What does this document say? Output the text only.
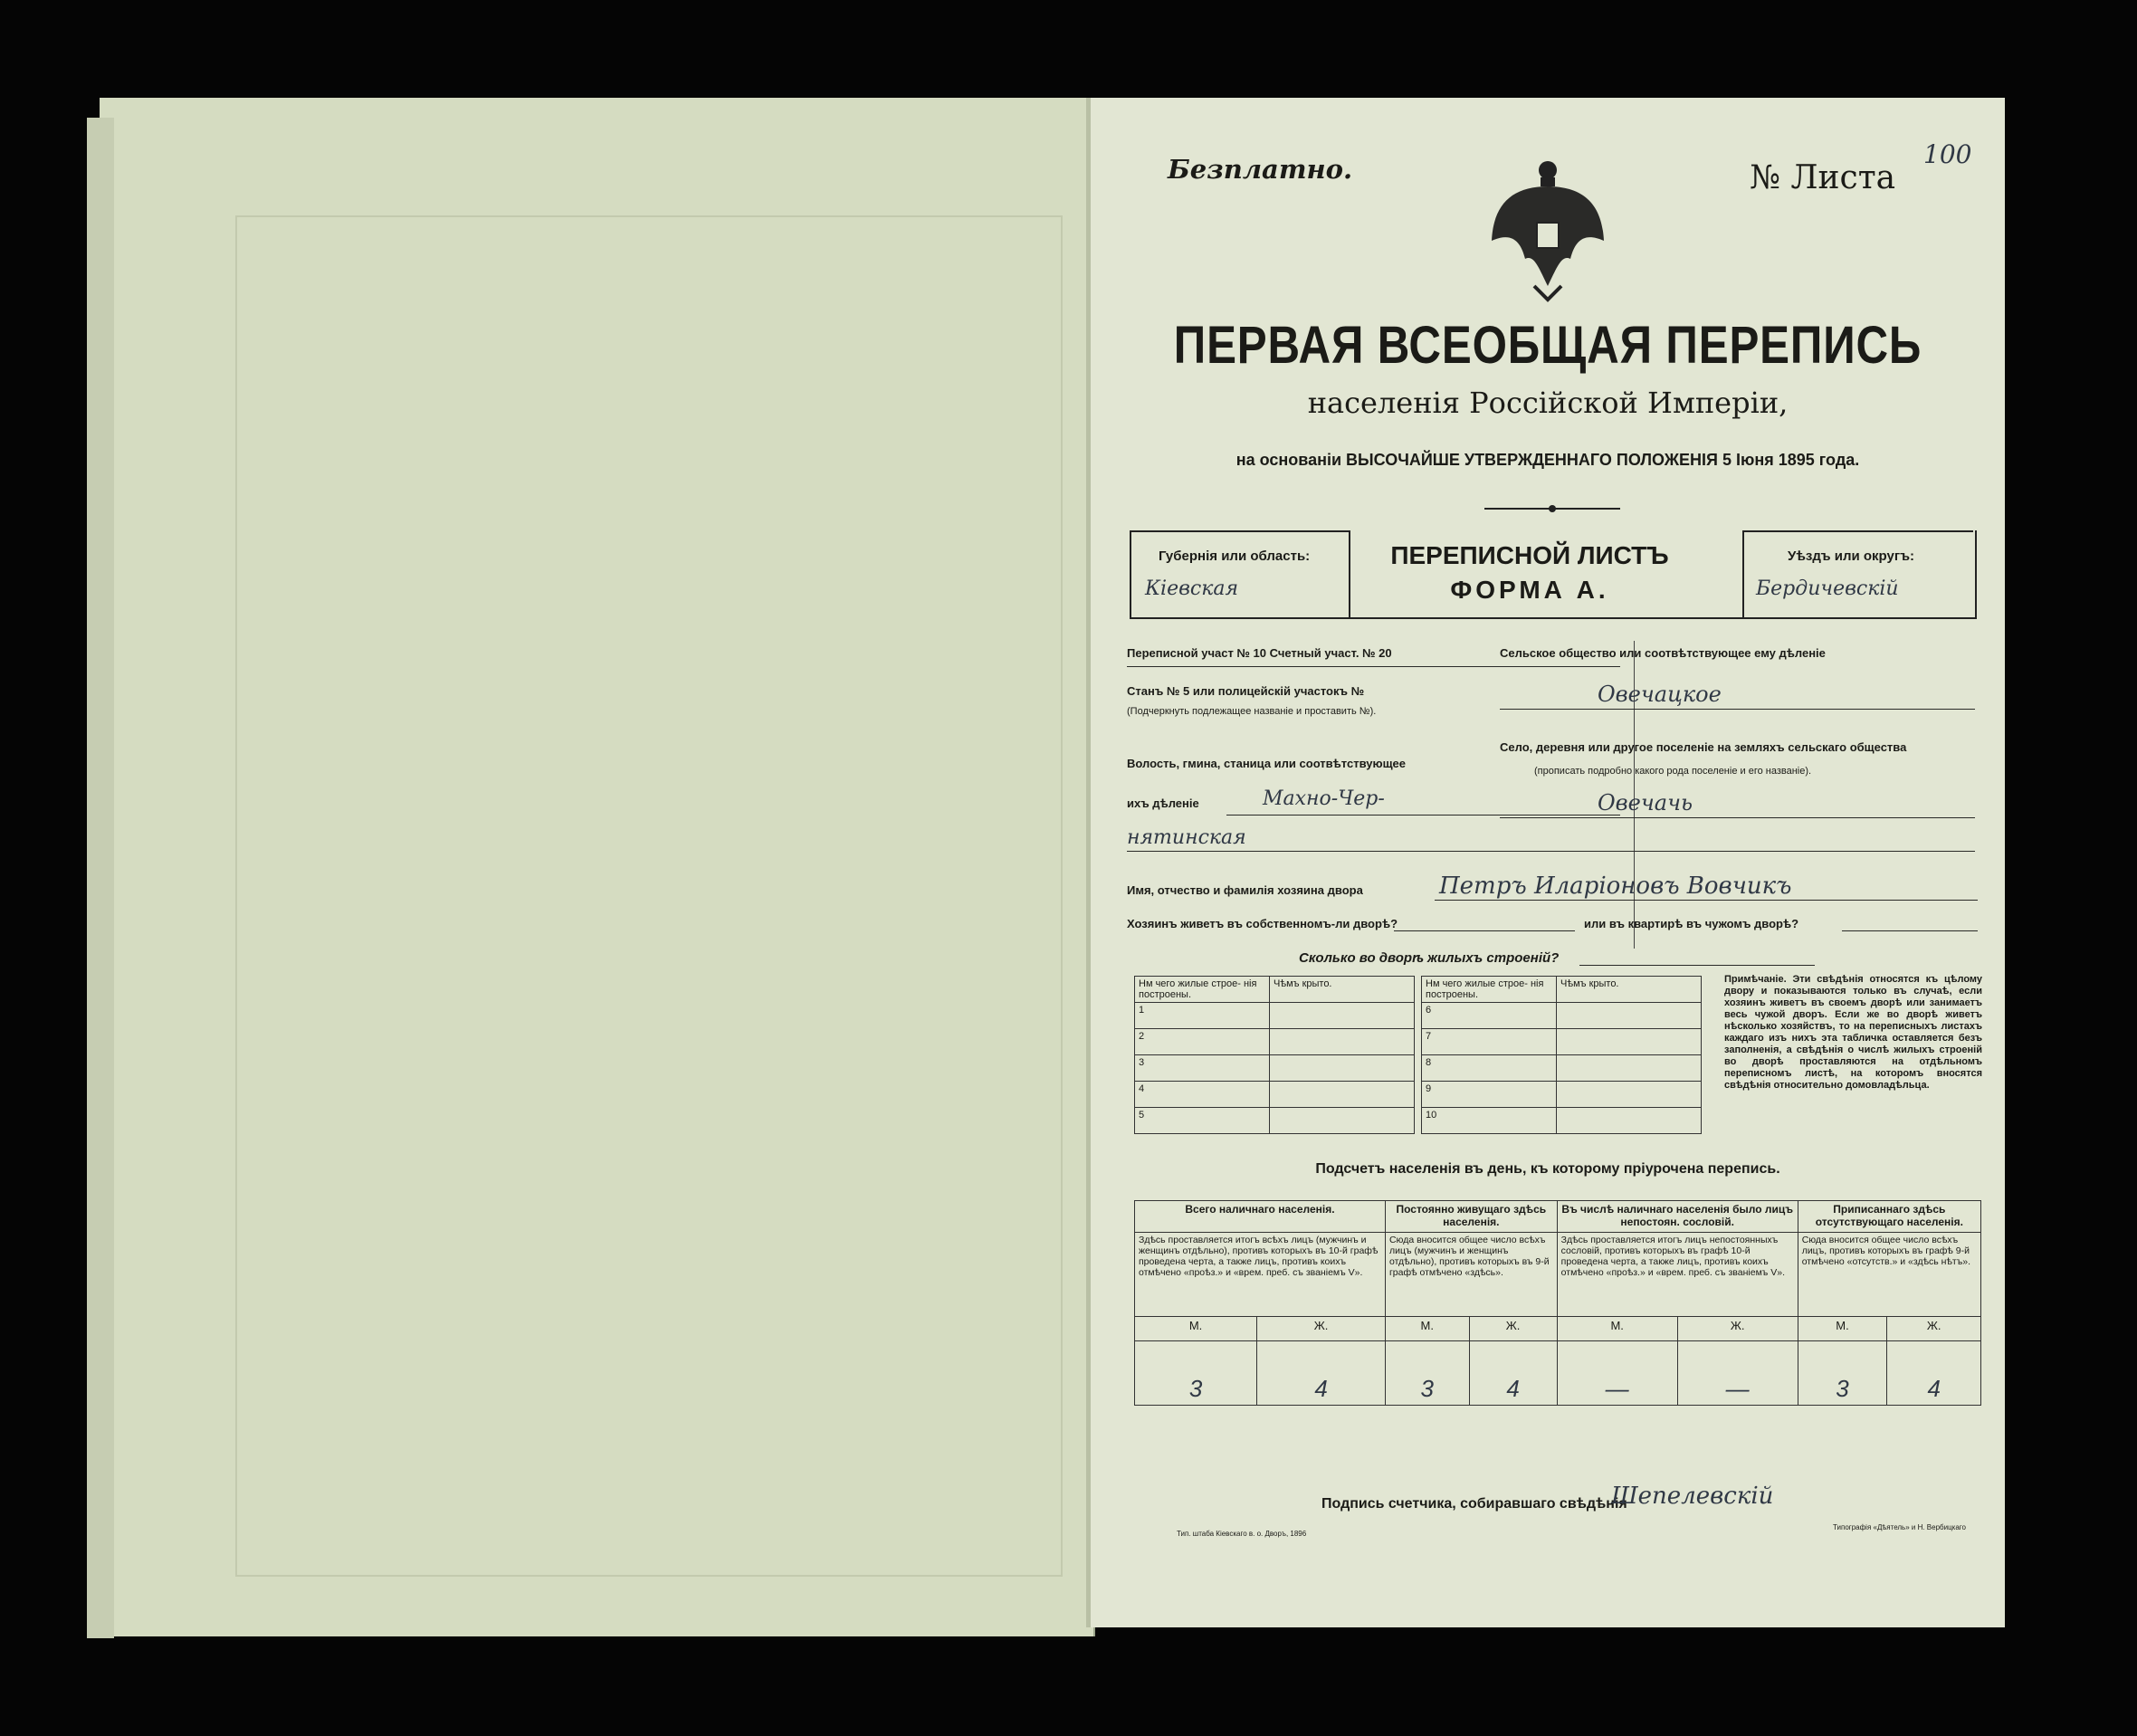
Безплатно.	№ Листа
100
ПЕРВАЯ ВСЕОБЩАЯ ПЕРЕПИСЬ
населенія Россійской Имперіи,
на основаніи ВЫСОЧАЙШЕ УТВЕРЖДЕННАГО ПОЛОЖЕНІЯ 5 Іюня 1895 года.
Губернія или область:
Кіевская
ПЕРЕПИСНОЙ ЛИСТЪ
ФОРМА А.
Уѣздъ или округъ:
Бердичевскій
Переписной участ № 10 Счетный участ. № 20
Станъ № 5 или полицейскій участокъ №
(Подчеркнуть подлежащее названіе и проставить №).
Волость, гмина, станица или соотвѣтствующее
ихъ дѣленіе	Махно-Чер-
нятинская
Сельское общество или соотвѣтствующее ему дѣленіе
Овечацкое
Село, деревня или другое поселеніе на земляхъ сельскаго общества
(прописать подробно какого рода поселеніе и его названіе).
Овечачь
Имя, отчество и фамилія хозяина двора	Петръ Иларіоновъ Вовчикъ
Хозяинъ живетъ въ собственномъ-ли дворѣ?	или въ квартирѣ въ чужомъ дворѣ?
Сколько во дворѣ жилыхъ строеній?
Нм чего жилые строе- нія построены.	Чѣмъ крыто.
1	
2	
3	
4	
5	
Нм чего жилые строе- нія построены.	Чѣмъ крыто.
6	
7	
8	
9	
10	
Примѣчаніе. Эти свѣдѣнія относятся къ цѣлому двору и показываются только въ случаѣ, если хозяинъ живетъ въ своемъ дворѣ или занимаетъ весь чужой дворъ. Если же во дворѣ живетъ нѣсколько хозяйствъ, то на переписныхъ листахъ каждаго изъ нихъ эта табличка оставляется безъ заполненія, а свѣдѣнія о числѣ жилыхъ строеній во дворѣ проставляются на отдѣльномъ переписномъ листѣ, на которомъ вносятся свѣдѣнія относительно домовладѣльца.
Подсчетъ населенія въ день, къ которому пріурочена перепись.
Всего наличнаго населенія.		Постоянно живущаго здѣсь населенія.		Въ числѣ наличнаго населенія было лицъ непостоян. сословій.		Приписаннаго здѣсь отсутствующаго населенія.	
Здѣсь проставляется итогъ всѣхъ лицъ (мужчинъ и женщинъ отдѣльно), противъ которыхъ въ 10-й графѣ проведена черта, а также лицъ, противъ коихъ отмѣчено «проѣз.» и «врем. преб. съ званіемъ V».		Сюда вносится общее число всѣхъ лицъ (мужчинъ и женщинъ отдѣльно), противъ которыхъ въ 9-й графѣ отмѣчено «здѣсь».		Здѣсь проставляется итогъ лицъ непостоянныхъ сословій, противъ которыхъ въ графѣ 10-й проведена черта, а также лицъ, противъ коихъ отмѣчено «проѣз.» и «врем. преб. съ званіемъ V».		Сюда вносится общее число всѣхъ лицъ, противъ которыхъ въ графѣ 9-й отмѣчено «отсутств.» и «здѣсь нѣтъ».	
М.	Ж.	М.	Ж.	М.	Ж.	М.	Ж.
3	4	3	4	—	—	3	4
Подпись счетчика, собиравшаго свѣдѣнія
Шепелевскій
Тип. штаба Кіевскаго в. о. Дворъ, 1896
Типографія «Дѣятель» и Н. Вербицкаго
